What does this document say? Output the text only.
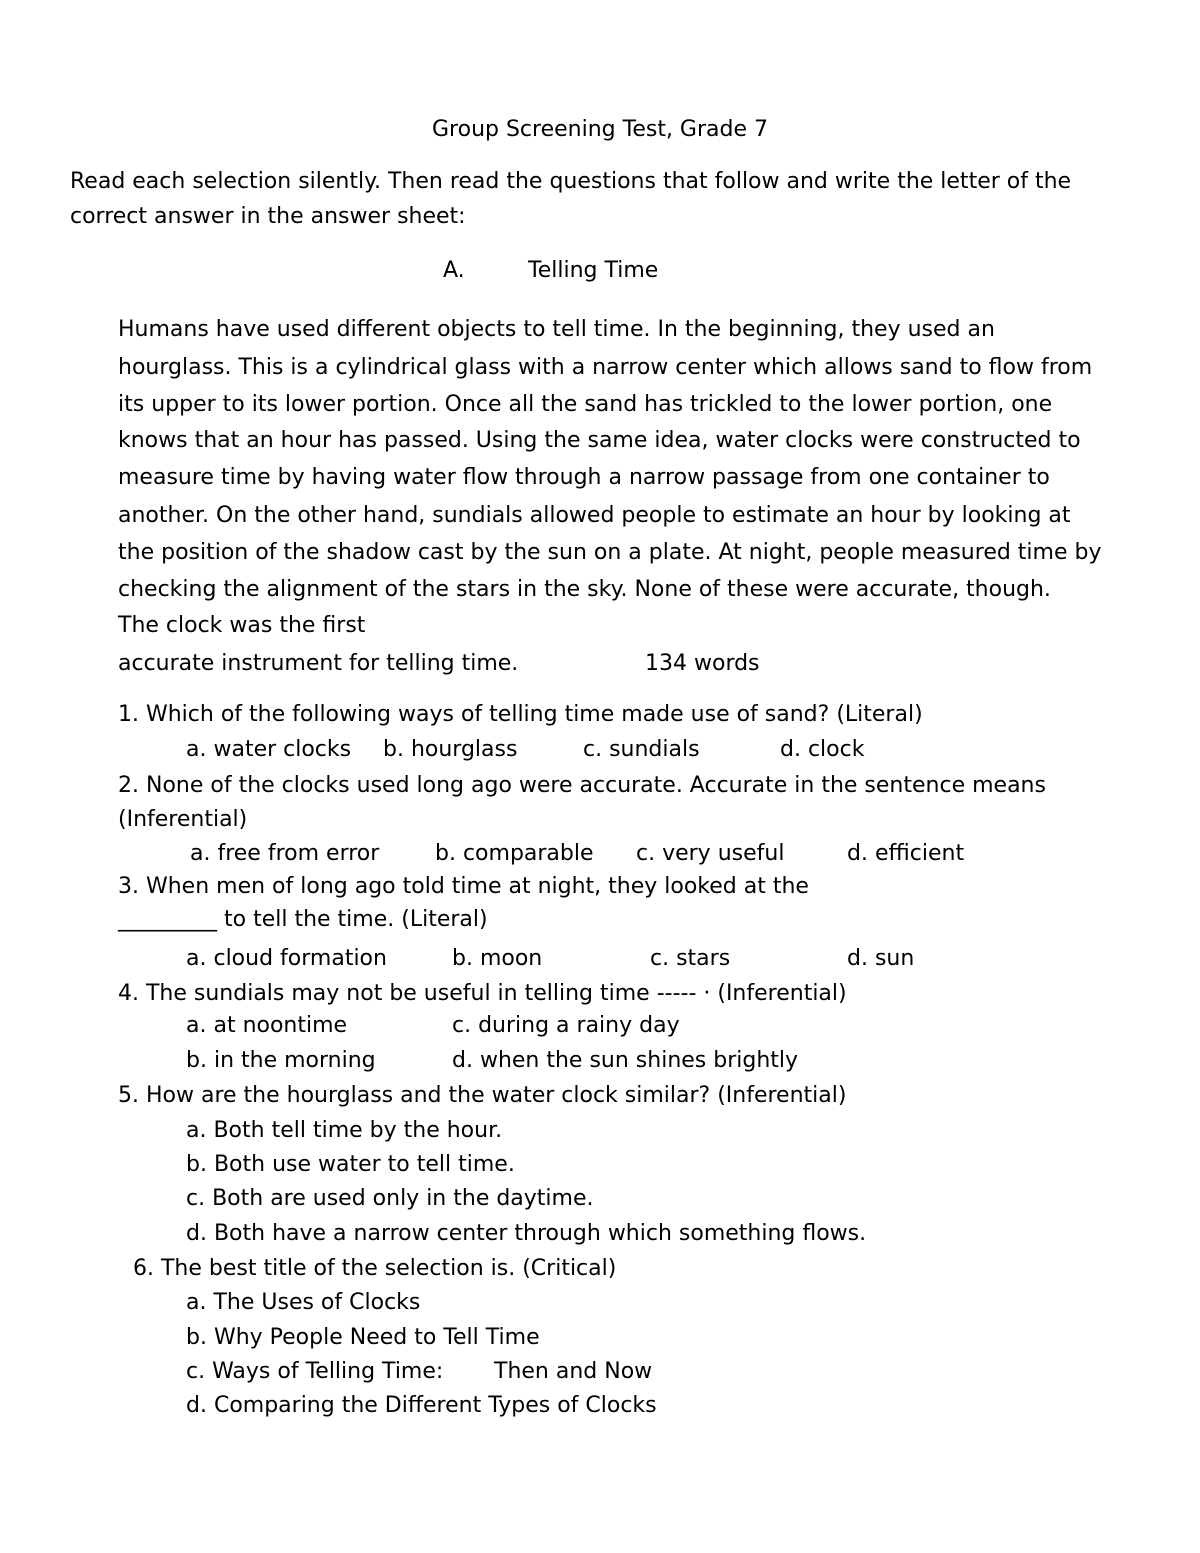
Group Screening Test, Grade 7
Read each selection silently. Then read the questions that follow and write the letter of the
correct answer in the answer sheet:
A.	Telling Time
Humans have used different objects to tell time. In the beginning, they used an
hourglass. This is a cylindrical glass with a narrow center which allows sand to flow from
its upper to its lower portion. Once all the sand has trickled to the lower portion, one
knows that an hour has passed. Using the same idea, water clocks were constructed to
measure time by having water flow through a narrow passage from one container to
another. On the other hand, sundials allowed people to estimate an hour by looking at
the position of the shadow cast by the sun on a plate. At night, people measured time by
checking the alignment of the stars in the sky. None of these were accurate, though.
The clock was the first
accurate instrument for telling time.	134 words
1. Which of the following ways of telling time made use of sand? (Literal)
a. water clocks b. hourglass	c. sundials	d. clock
2. None of the clocks used long ago were accurate. Accurate in the sentence means
(Inferential)
a. free from error	b. comparable c. very useful	d. efficient
3. When men of long ago told time at night, they looked at the
_________ to tell the time. (Literal)
a. cloud formation	b. moon	c. stars	d. sun
4. The sundials may not be useful in telling time ----- · (Inferential)
a. at noontime	c. during a rainy day
b. in the morning	d. when the sun shines brightly
5. How are the hourglass and the water clock similar? (Inferential)
a. Both tell time by the hour.
b. Both use water to tell time.
c. Both are used only in the daytime.
d. Both have a narrow center through which something flows.
6. The best title of the selection is. (Critical)
a. The Uses of Clocks
b. Why People Need to Tell Time
c. Ways of Telling Time: Then and Now
d. Comparing the Different Types of Clocks
